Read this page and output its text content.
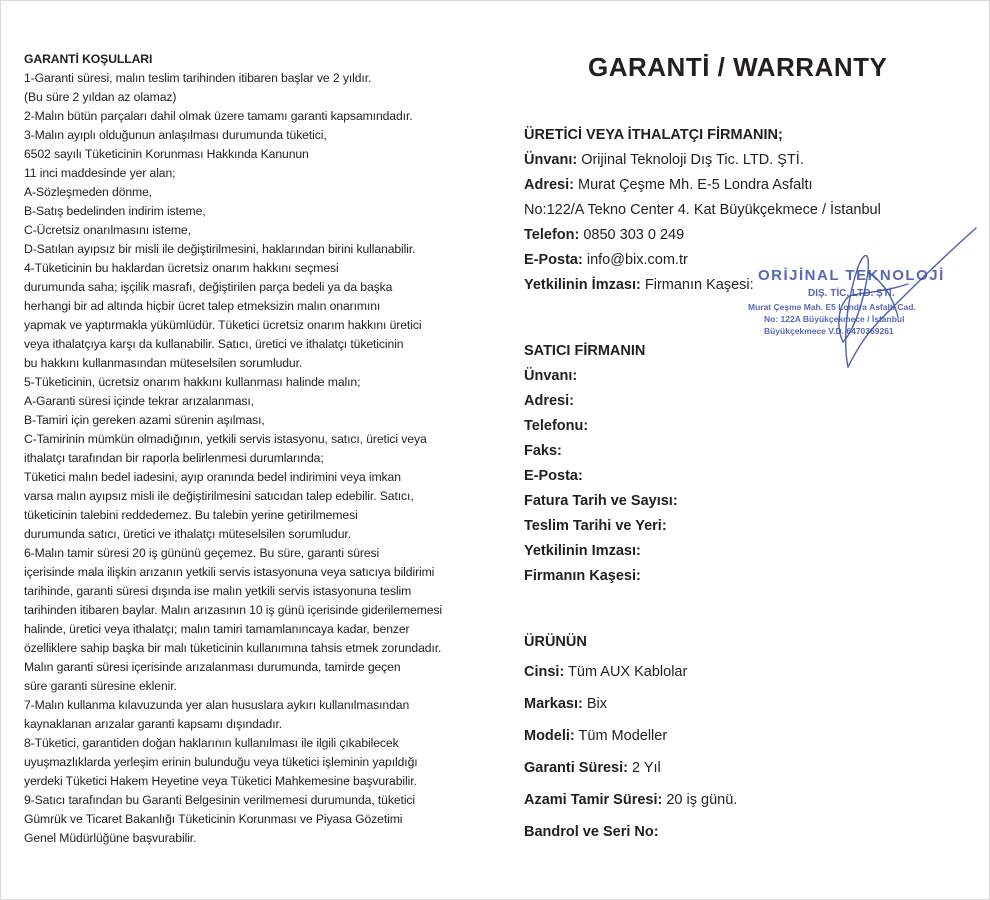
GARANTİ KOŞULLARI
1-Garanti süresi, malın teslim tarihinden itibaren başlar ve 2 yıldır.
(Bu süre 2 yıldan az olamaz)
2-Malın bütün parçaları dahil olmak üzere tamamı garanti kapsamındadır.
3-Malın ayıplı olduğunun anlaşılması durumunda tüketici,
6502 sayılı Tüketicinin Korunması Hakkında Kanunun
11 inci maddesinde yer alan;
A-Sözleşmeden dönme,
B-Satış bedelinden indirim isteme,
C-Ücretsiz onarılmasını isteme,
D-Satılan ayıpsız bir misli ile değiştirilmesini, haklarından birini kullanabilir.
4-Tüketicinin bu haklardan ücretsiz onarım hakkını seçmesi
durumunda saha; işçilik masrafı, değiştirilen parça bedeli ya da başka
herhangi bir ad altında hiçbir ücret talep etmeksizin malın onarımını
yapmak ve yaptırmakla yükümlüdür. Tüketici ücretsiz onarım hakkını üretici
veya ithalatçıya karşı da kullanabilir. Satıcı, üretici ve ithalatçı tüketicinin
bu hakkını kullanmasından müteselsilen sorumludur.
5-Tüketicinin, ücretsiz onarım hakkını kullanması halinde malın;
A-Garanti süresi içinde tekrar arızalanması,
B-Tamiri için gereken azami sürenin aşılması,
C-Tamirinin mümkün olmadığının, yetkili servis istasyonu, satıcı, üretici veya
ithalatçı tarafından bir raporla belirlenmesi durumlarında;
Tüketici malın bedel iadesini, ayıp oranında bedel indirimini veya imkan
varsa malın ayıpsız misli ile değiştirilmesini satıcıdan talep edebilir. Satıcı,
tüketicinin talebini reddedemez. Bu talebin yerine getirilmemesi
durumunda satıcı, üretici ve ithalatçı müteselsilen sorumludur.
6-Malın tamir süresi 20 iş gününü geçemez. Bu süre, garanti süresi
içerisinde mala ilişkin arızanın yetkili servis istasyonuna veya satıcıya bildirimi
tarihinde, garanti süresi dışında ise malın yetkili servis istasyonuna teslim
tarihinden itibaren baylar. Malın arızasının 10 iş günü içerisinde giderilememesi
halinde, üretici veya ithalatçı; malın tamiri tamamlanıncaya kadar, benzer
özelliklere sahip başka bir malı tüketicinin kullanımına tahsis etmek zorundadır.
Malın garanti süresi içerisinde arızalanması durumunda, tamirde geçen
süre garanti süresine eklenir.
7-Malın kullanma kılavuzunda yer alan hususlara aykırı kullanılmasından
kaynaklanan arızalar garanti kapsamı dışındadır.
8-Tüketici, garantiden doğan haklarının kullanılması ile ilgili çıkabilecek
uyuşmazlıklarda yerleşim erinin bulunduğu veya tüketici işleminin yapıldığı
yerdeki Tüketici Hakem Heyetine veya Tüketici Mahkemesine başvurabilir.
9-Satıcı tarafından bu Garanti Belgesinin verilmemesi durumunda, tüketici
Gümrük ve Ticaret Bakanlığı Tüketicinin Korunması ve Piyasa Gözetimi
Genel Müdürlüğüne başvurabilir.
GARANTİ / WARRANTY
ÜRETİCİ VEYA İTHALATÇI FİRMANIN;
Ünvanı: Orijinal Teknoloji Dış Tic. LTD. ŞTİ.
Adresi: Murat Çeşme Mh. E-5 Londra Asfaltı
No:122/A Tekno Center 4. Kat Büyükçekmece / İstanbul
Telefon: 0850 303 0 249
E-Posta: info@bix.com.tr
Yetkilinin İmzası: Firmanın Kaşesi:
SATICI FİRMANIN
Ünvanı:
Adresi:
Telefonu:
Faks:
E-Posta:
Fatura Tarih ve Sayısı:
Teslim Tarihi ve Yeri:
Yetkilinin Imzası:
Firmanın Kaşesi:
ÜRÜNÜN
Cinsi: Tüm AUX Kablolar
Markası: Bix
Modeli: Tüm Modeller
Garanti Süresi: 2 Yıl
Azami Tamir Süresi: 20 iş günü.
Bandrol ve Seri No:
ORİJİNAL TEKNOLOJİ
DIŞ. TİC. LTD. ŞTİ.
Murat Çeşme Mah. E5 Londra Asfaltı Cad.
No: 122A Büyükçekmece / İstanbul
Büyükçekmece V.D. 6470369261
